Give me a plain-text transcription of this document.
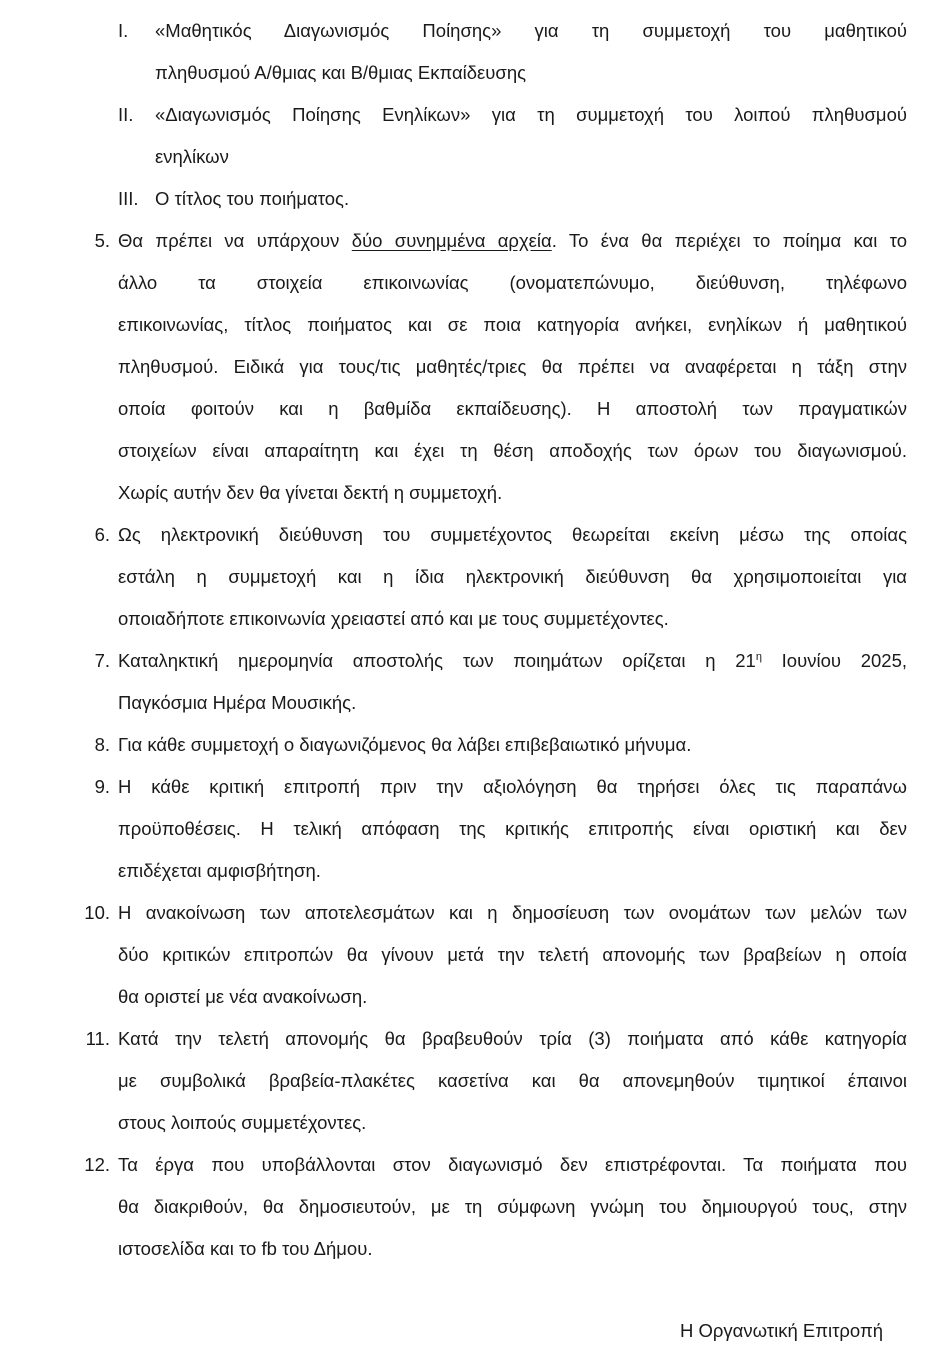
I.	«Μαθητικός Διαγωνισμός Ποίησης» για τη συμμετοχή του μαθητικού
πληθυσμού Α/θμιας και Β/θμιας Εκπαίδευσης
II.	«Διαγωνισμός Ποίησης Ενηλίκων» για τη συμμετοχή του λοιπού πληθυσμού
ενηλίκων
III. Ο τίτλος του ποιήματος.
5. Θα πρέπει να υπάρχουν δύο συνημμένα αρχεία. Το ένα θα περιέχει το ποίημα και το
άλλο τα στοιχεία επικοινωνίας (ονοματεπώνυμο, διεύθυνση, τηλέφωνο
επικοινωνίας, τίτλος ποιήματος και σε ποια κατηγορία ανήκει, ενηλίκων ή μαθητικού
πληθυσμού. Ειδικά για τους/τις μαθητές/τριες θα πρέπει να αναφέρεται η τάξη στην
οποία φοιτούν και η βαθμίδα εκπαίδευσης). Η αποστολή των πραγματικών
στοιχείων είναι απαραίτητη και έχει τη θέση αποδοχής των όρων του διαγωνισμού.
Χωρίς αυτήν δεν θα γίνεται δεκτή η συμμετοχή.
6. Ως ηλεκτρονική διεύθυνση του συμμετέχοντος θεωρείται εκείνη μέσω της οποίας
εστάλη η συμμετοχή και η ίδια ηλεκτρονική διεύθυνση θα χρησιμοποιείται για
οποιαδήποτε επικοινωνία χρειαστεί από και με τους συμμετέχοντες.
7. Καταληκτική ημερομηνία αποστολής των ποιημάτων ορίζεται η $21^\eta$ Ιουνίου 2025,
Παγκόσμια Ημέρα Μουσικής.
8. Για κάθε συμμετοχή ο διαγωνιζόμενος θα λάβει επιβεβαιωτικό μήνυμα.
9. Η κάθε κριτική επιτροπή πριν την αξιολόγηση θα τηρήσει όλες τις παραπάνω
προϋποθέσεις. Η τελική απόφαση της κριτικής επιτροπής είναι οριστική και δεν
επιδέχεται αμφισβήτηση.
10. Η ανακοίνωση των αποτελεσμάτων και η δημοσίευση των ονομάτων των μελών των
δύο κριτικών επιτροπών θα γίνουν μετά την τελετή απονομής των βραβείων η οποία
θα οριστεί με νέα ανακοίνωση.
11. Κατά την τελετή απονομής θα βραβευθούν τρία (3) ποιήματα από κάθε κατηγορία
με συμβολικά βραβεία-πλακέτες κασετίνα και θα απονεμηθούν τιμητικοί έπαινοι
στους λοιπούς συμμετέχοντες.
12. Τα έργα που υποβάλλονται στον διαγωνισμό δεν επιστρέφονται. Τα ποιήματα που
θα διακριθούν, θα δημοσιευτούν, με τη σύμφωνη γνώμη του δημιουργού τους, στην
ιστοσελίδα και το fb του Δήμου.
Η Οργανωτική Επιτροπή
